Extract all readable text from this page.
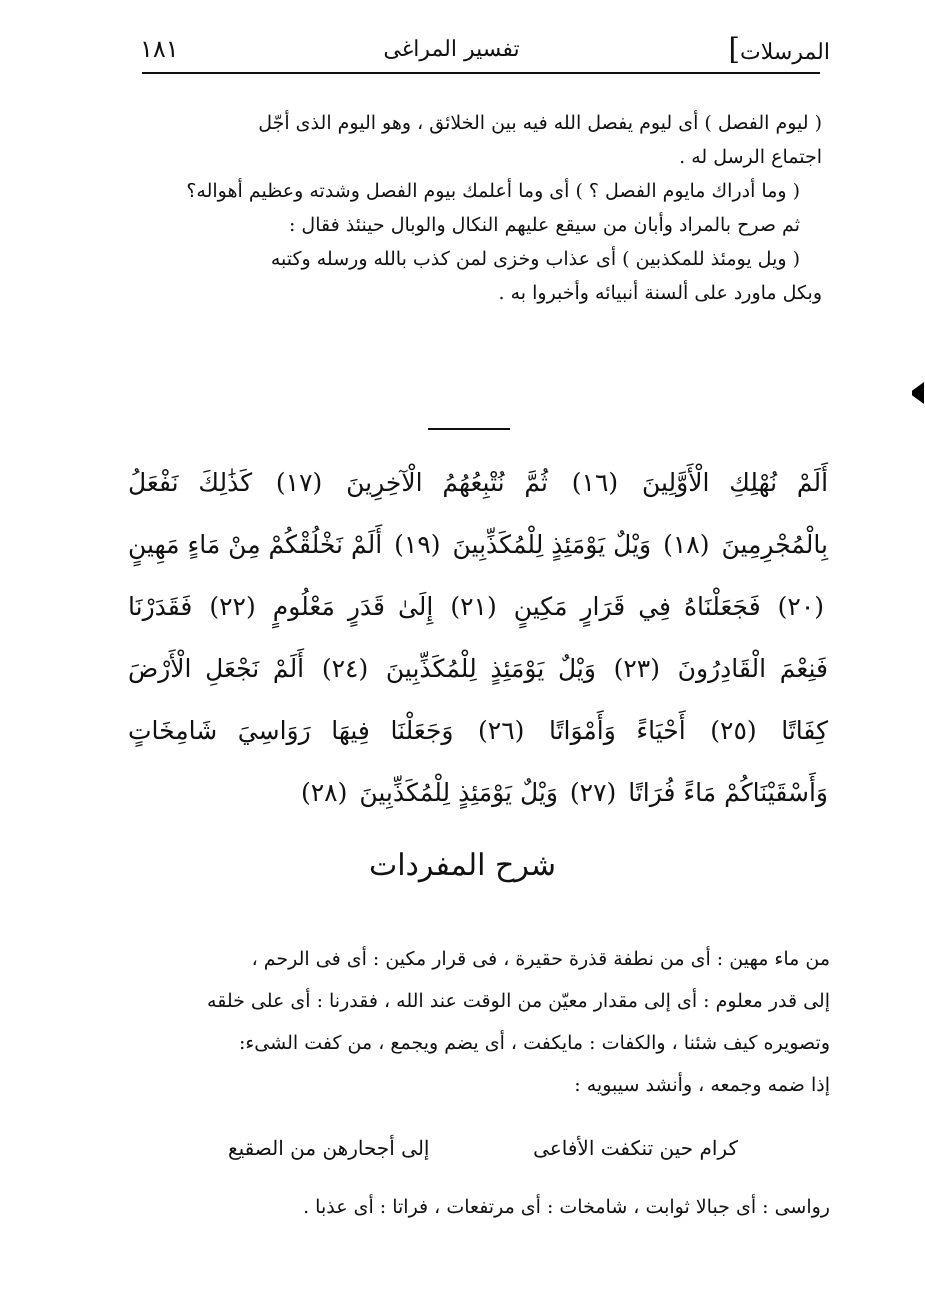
المرسلات]
تفسير المراغى
١٨١

( ليوم الفصل ) أى ليوم يفصل الله فيه بين الخلائق ، وهو اليوم الذى أجّل

اجتماع الرسل له .

( وما أدراك مايوم الفصل ؟ ) أى وما أعلمك بيوم الفصل وشدته وعظيم أهواله؟

ثم صرح بالمراد وأبان من سيقع عليهم النكال والوبال حينئذ فقال :

( ويل يومئذ للمكذبين ) أى عذاب وخزى لمن كذب بالله ورسله وكتبه

وبكل ماورد على ألسنة أنبيائه وأخبروا به .

أَلَمْ نُهْلِكِ الْأَوَّلِينَ (١٦) ثُمَّ نُتْبِعُهُمُ الْآخِرِينَ (١٧) كَذَٰلِكَ نَفْعَلُ بِالْمُجْرِمِينَ (١٨) وَيْلٌ يَوْمَئِذٍ لِلْمُكَذِّبِينَ (١٩) أَلَمْ نَخْلُقْكُمْ مِنْ مَاءٍ مَهِينٍ (٢٠) فَجَعَلْنَاهُ فِي قَرَارٍ مَكِينٍ (٢١) إِلَىٰ قَدَرٍ مَعْلُومٍ (٢٢) فَقَدَرْنَا فَنِعْمَ الْقَادِرُونَ (٢٣) وَيْلٌ يَوْمَئِذٍ لِلْمُكَذِّبِينَ (٢٤) أَلَمْ نَجْعَلِ الْأَرْضَ كِفَاتًا (٢٥) أَحْيَاءً وَأَمْوَاتًا (٢٦) وَجَعَلْنَا فِيهَا رَوَاسِيَ شَامِخَاتٍ وَأَسْقَيْنَاكُمْ مَاءً فُرَاتًا (٢٧) وَيْلٌ يَوْمَئِذٍ لِلْمُكَذِّبِينَ (٢٨)
شرح المفردات

من ماء مهين : أى من نطفة قذرة حقيرة ، فى قرار مكين : أى فى الرحم ،

إلى قدر معلوم : أى إلى مقدار معيّن من الوقت عند الله ، فقدرنا : أى على خلقه

وتصويره كيف شئنا ، والكفات : مايكفت ، أى يضم ويجمع ، من كفت الشىء:

إذا ضمه وجمعه ، وأنشد سيبويه :

كرام حين تنكفت الأفاعى
إلى أجحارهن من الصقيع
رواسى : أى جبالا ثوابت ، شامخات : أى مرتفعات ، فراتا : أى عذبا .
